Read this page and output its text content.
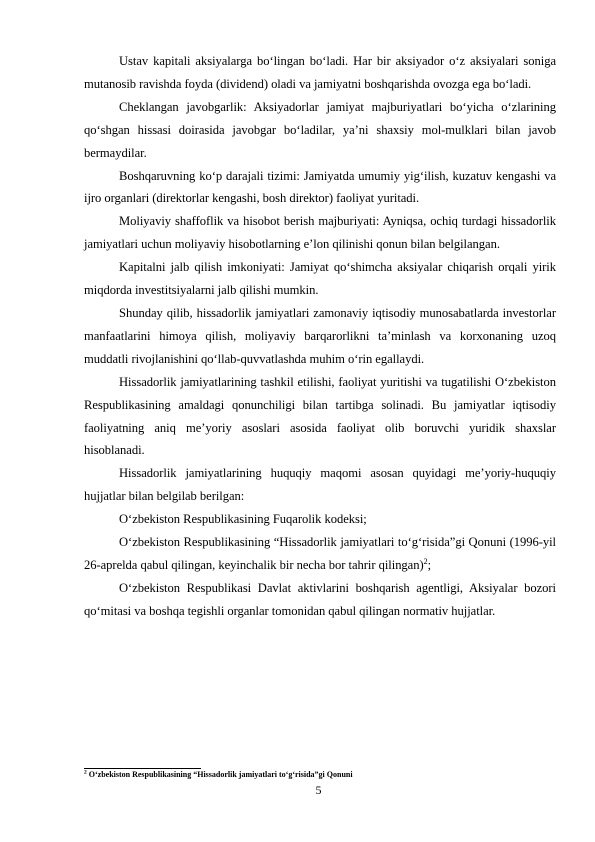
Ustav kapitali aksiyalarga bo‘lingan bo‘ladi. Har bir aksiyador o‘z aksiyalari soniga mutanosib ravishda foyda (dividend) oladi va jamiyatni boshqarishda ovozga ega bo‘ladi.

Cheklangan javobgarlik: Aksiyadorlar jamiyat majburiyatlari bo‘yicha o‘zlarining qo‘shgan hissasi doirasida javobgar bo‘ladilar, ya’ni shaxsiy mol-mulklari bilan javob bermaydilar.

Boshqaruvning ko‘p darajali tizimi: Jamiyatda umumiy yig‘ilish, kuzatuv kengashi va ijro organlari (direktorlar kengashi, bosh direktor) faoliyat yuritadi.

Moliyaviy shaffoflik va hisobot berish majburiyati: Ayniqsa, ochiq turdagi hissadorlik jamiyatlari uchun moliyaviy hisobotlarning e’lon qilinishi qonun bilan belgilangan.

Kapitalni jalb qilish imkoniyati: Jamiyat qo‘shimcha aksiyalar chiqarish orqali yirik miqdorda investitsiyalarni jalb qilishi mumkin.

Shunday qilib, hissadorlik jamiyatlari zamonaviy iqtisodiy munosabatlarda investorlar manfaatlarini himoya qilish, moliyaviy barqarorlikni ta’minlash va korxonaning uzoq muddatli rivojlanishini qo‘llab-quvvatlashda muhim o‘rin egallaydi.

Hissadorlik jamiyatlarining tashkil etilishi, faoliyat yuritishi va tugatilishi O‘zbekiston Respublikasining amaldagi qonunchiligi bilan tartibga solinadi. Bu jamiyatlar iqtisodiy faoliyatning aniq me’yoriy asoslari asosida faoliyat olib boruvchi yuridik shaxslar hisoblanadi.

Hissadorlik jamiyatlarining huquqiy maqomi asosan quyidagi me’yoriy-huquqiy hujjatlar bilan belgilab berilgan:

O‘zbekiston Respublikasining Fuqarolik kodeksi;

O‘zbekiston Respublikasining “Hissadorlik jamiyatlari to‘g‘risida”gi Qonuni (1996-yil 26-aprelda qabul qilingan, keyinchalik bir necha bor tahrir qilingan)$^2$;

O‘zbekiston Respublikasi Davlat aktivlarini boshqarish agentligi, Aksiyalar bozori qo‘mitasi va boshqa tegishli organlar tomonidan qabul qilingan normativ hujjatlar.

$^2$ O‘zbekiston Respublikasining “Hissadorlik jamiyatlari to‘g‘risida”gi Qonuni
5
